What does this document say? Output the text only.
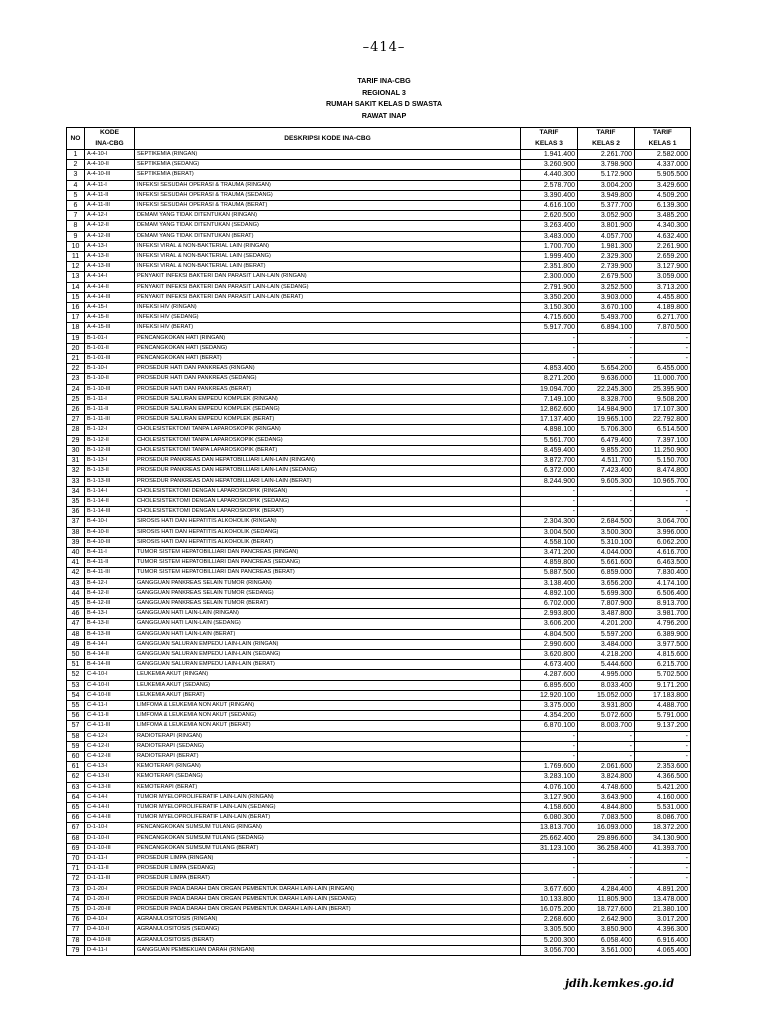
–414–
TARIF INA-CBG
REGIONAL 3
RUMAH SAKIT KELAS D SWASTA
RAWAT INAP
NO	KODE	DESKRIPSI KODE INA-CBG	TARIF	TARIF	TARIF
	INA-CBG		KELAS 3	KELAS 2	KELAS 1
1	A-4-10-I	SEPTIKEMIA (RINGAN)	1.941.400	2.261.700	2.582.000
2	A-4-10-II	SEPTIKEMIA (SEDANG)	3.260.900	3.798.900	4.337.000
3	A-4-10-III	SEPTIKEMIA (BERAT)	4.440.300	5.172.900	5.905.500
4	A-4-11-I	INFEKSI SESUDAH OPERASI & TRAUMA (RINGAN)	2.578.700	3.004.200	3.429.600
5	A-4-11-II	INFEKSI SESUDAH OPERASI & TRAUMA (SEDANG)	3.390.400	3.949.800	4.509.200
6	A-4-11-III	INFEKSI SESUDAH OPERASI & TRAUMA (BERAT)	4.616.100	5.377.700	6.139.300
7	A-4-12-I	DEMAM YANG TIDAK DITENTUKAN (RINGAN)	2.620.500	3.052.900	3.485.200
8	A-4-12-II	DEMAM YANG TIDAK DITENTUKAN (SEDANG)	3.263.400	3.801.900	4.340.300
9	A-4-12-III	DEMAM YANG TIDAK DITENTUKAN (BERAT)	3.483.000	4.057.700	4.632.400
10	A-4-13-I	INFEKSI VIRAL & NON-BAKTERIAL LAIN (RINGAN)	1.700.700	1.981.300	2.261.900
11	A-4-13-II	INFEKSI VIRAL & NON-BAKTERIAL LAIN (SEDANG)	1.999.400	2.329.300	2.659.200
12	A-4-13-III	INFEKSI VIRAL & NON-BAKTERIAL LAIN (BERAT)	2.351.800	2.739.900	3.127.900
13	A-4-14-I	PENYAKIT INFEKSI BAKTERI DAN PARASIT LAIN-LAIN (RINGAN)	2.300.000	2.679.500	3.059.000
14	A-4-14-II	PENYAKIT INFEKSI BAKTERI DAN PARASIT LAIN-LAIN (SEDANG)	2.791.900	3.252.500	3.713.200
15	A-4-14-III	PENYAKIT INFEKSI BAKTERI DAN PARASIT LAIN-LAIN (BERAT)	3.350.200	3.903.000	4.455.800
16	A-4-15-I	INFEKSI HIV (RINGAN)	3.150.300	3.670.100	4.189.800
17	A-4-15-II	INFEKSI HIV (SEDANG)	4.715.600	5.493.700	6.271.700
18	A-4-15-III	INFEKSI HIV (BERAT)	5.917.700	6.894.100	7.870.500
19	B-1-01-I	PENCANGKOKAN HATI (RINGAN)	-	-	-
20	B-1-01-II	PENCANGKOKAN HATI (SEDANG)	-	-	-
21	B-1-01-III	PENCANGKOKAN HATI (BERAT)	-	-	-
22	B-1-10-I	PROSEDUR HATI DAN PANKREAS (RINGAN)	4.853.400	5.654.200	6.455.000
23	B-1-10-II	PROSEDUR HATI DAN PANKREAS (SEDANG)	8.271.200	9.636.000	11.000.700
24	B-1-10-III	PROSEDUR HATI DAN PANKREAS (BERAT)	19.094.700	22.245.300	25.395.900
25	B-1-11-I	PROSEDUR SALURAN EMPEDU KOMPLEK (RINGAN)	7.149.100	8.328.700	9.508.200
26	B-1-11-II	PROSEDUR SALURAN EMPEDU KOMPLEK (SEDANG)	12.862.600	14.984.900	17.107.300
27	B-1-11-III	PROSEDUR SALURAN EMPEDU KOMPLEK (BERAT)	17.137.400	19.965.100	22.792.800
28	B-1-12-I	CHOLESISTEKTOMI TANPA LAPAROSKOPIK (RINGAN)	4.898.100	5.706.300	6.514.500
29	B-1-12-II	CHOLESISTEKTOMI TANPA LAPAROSKOPIK (SEDANG)	5.561.700	6.479.400	7.397.100
30	B-1-12-III	CHOLESISTEKTOMI TANPA LAPAROSKOPIK (BERAT)	8.459.400	9.855.200	11.250.900
31	B-1-13-I	PROSEDUR PANKREAS DAN HEPATOBILLIARI LAIN-LAIN (RINGAN)	3.872.700	4.511.700	5.150.700
32	B-1-13-II	PROSEDUR PANKREAS DAN HEPATOBILLIARI LAIN-LAIN (SEDANG)	6.372.000	7.423.400	8.474.800
33	B-1-13-III	PROSEDUR PANKREAS DAN HEPATOBILLIARI LAIN-LAIN (BERAT)	8.244.900	9.605.300	10.965.700
34	B-1-14-I	CHOLESISTEKTOMI DENGAN LAPAROSKOPIK (RINGAN)	-	-	-
35	B-1-14-II	CHOLESISTEKTOMI DENGAN LAPAROSKOPIK (SEDANG)	-	-	-
36	B-1-14-III	CHOLESISTEKTOMI DENGAN LAPAROSKOPIK (BERAT)	-	-	-
37	B-4-10-I	SIROSIS HATI DAN HEPATITIS ALKOHOLIK (RINGAN)	2.304.300	2.684.500	3.064.700
38	B-4-10-II	SIROSIS HATI DAN HEPATITIS ALKOHOLIK (SEDANG)	3.004.500	3.500.300	3.996.000
39	B-4-10-III	SIROSIS HATI DAN HEPATITIS ALKOHOLIK (BERAT)	4.558.100	5.310.100	6.062.200
40	B-4-11-I	TUMOR SISTEM HEPATOBILLIARI DAN PANCREAS (RINGAN)	3.471.200	4.044.000	4.616.700
41	B-4-11-II	TUMOR SISTEM HEPATOBILLIARI DAN PANCREAS (SEDANG)	4.859.800	5.661.600	6.463.500
42	B-4-11-III	TUMOR SISTEM HEPATOBILLIARI DAN PANCREAS (BERAT)	5.887.500	6.859.000	7.830.400
43	B-4-12-I	GANGGUAN PANKREAS SELAIN TUMOR (RINGAN)	3.138.400	3.656.200	4.174.100
44	B-4-12-II	GANGGUAN PANKREAS SELAIN TUMOR (SEDANG)	4.892.100	5.699.300	6.506.400
45	B-4-12-III	GANGGUAN PANKREAS SELAIN TUMOR (BERAT)	6.702.000	7.807.900	8.913.700
46	B-4-13-I	GANGGUAN HATI LAIN-LAIN (RINGAN)	2.993.800	3.487.800	3.981.700
47	B-4-13-II	GANGGUAN HATI LAIN-LAIN (SEDANG)	3.606.200	4.201.200	4.796.200
48	B-4-13-III	GANGGUAN HATI LAIN-LAIN (BERAT)	4.804.500	5.597.200	6.389.900
49	B-4-14-I	GANGGUAN SALURAN EMPEDU LAIN-LAIN (RINGAN)	2.990.600	3.484.000	3.977.500
50	B-4-14-II	GANGGUAN SALURAN EMPEDU LAIN-LAIN (SEDANG)	3.620.800	4.218.200	4.815.600
51	B-4-14-III	GANGGUAN SALURAN EMPEDU LAIN-LAIN (BERAT)	4.673.400	5.444.600	6.215.700
52	C-4-10-I	LEUKEMIA AKUT (RINGAN)	4.287.600	4.995.000	5.702.500
53	C-4-10-II	LEUKEMIA AKUT (SEDANG)	6.895.600	8.033.400	9.171.200
54	C-4-10-III	LEUKEMIA AKUT (BERAT)	12.920.100	15.052.000	17.183.800
55	C-4-11-I	LIMFOMA & LEUKEMIA NON AKUT (RINGAN)	3.375.000	3.931.800	4.488.700
56	C-4-11-II	LIMFOMA & LEUKEMIA NON AKUT (SEDANG)	4.354.200	5.072.600	5.791.000
57	C-4-11-III	LIMFOMA & LEUKEMIA NON AKUT (BERAT)	6.870.100	8.003.700	9.137.200
58	C-4-12-I	RADIOTERAPI (RINGAN)	-	-	-
59	C-4-12-II	RADIOTERAPI (SEDANG)	-	-	-
60	C-4-12-III	RADIOTERAPI (BERAT)	-	-	-
61	C-4-13-I	KEMOTERAPI (RINGAN)	1.769.600	2.061.600	2.353.600
62	C-4-13-II	KEMOTERAPI (SEDANG)	3.283.100	3.824.800	4.366.500
63	C-4-13-III	KEMOTERAPI (BERAT)	4.076.100	4.748.600	5.421.200
64	C-4-14-I	TUMOR MYELOPROLIFERATIF LAIN-LAIN (RINGAN)	3.127.900	3.643.900	4.160.000
65	C-4-14-II	TUMOR MYELOPROLIFERATIF LAIN-LAIN (SEDANG)	4.158.600	4.844.800	5.531.000
66	C-4-14-III	TUMOR MYELOPROLIFERATIF LAIN-LAIN (BERAT)	6.080.300	7.083.500	8.086.700
67	D-1-10-I	PENCANGKOKAN SUMSUM TULANG (RINGAN)	13.813.700	16.093.000	18.372.200
68	D-1-10-II	PENCANGKOKAN SUMSUM TULANG (SEDANG)	25.662.400	29.896.600	34.130.900
69	D-1-10-III	PENCANGKOKAN SUMSUM TULANG (BERAT)	31.123.100	36.258.400	41.393.700
70	D-1-11-I	PROSEDUR LIMPA (RINGAN)	-	-	-
71	D-1-11-II	PROSEDUR LIMPA (SEDANG)	-	-	-
72	D-1-11-III	PROSEDUR LIMPA (BERAT)	-	-	-
73	D-1-20-I	PROSEDUR PADA DARAH DAN ORGAN PEMBENTUK DARAH LAIN-LAIN (RINGAN)	3.677.600	4.284.400	4.891.200
74	D-1-20-II	PROSEDUR PADA DARAH DAN ORGAN PEMBENTUK DARAH LAIN-LAIN (SEDANG)	10.133.800	11.805.900	13.478.000
75	D-1-20-III	PROSEDUR PADA DARAH DAN ORGAN PEMBENTUK DARAH LAIN-LAIN (BERAT)	16.075.200	18.727.600	21.380.100
76	D-4-10-I	AGRANULOSITOSIS (RINGAN)	2.268.600	2.642.900	3.017.200
77	D-4-10-II	AGRANULOSITOSIS (SEDANG)	3.305.500	3.850.900	4.396.300
78	D-4-10-III	AGRANULOSITOSIS (BERAT)	5.200.300	6.058.400	6.916.400
79	D-4-11-I	GANGGUAN PEMBEKUAN DARAH (RINGAN)	3.056.700	3.561.000	4.065.400
jdih.kemkes.go.id
